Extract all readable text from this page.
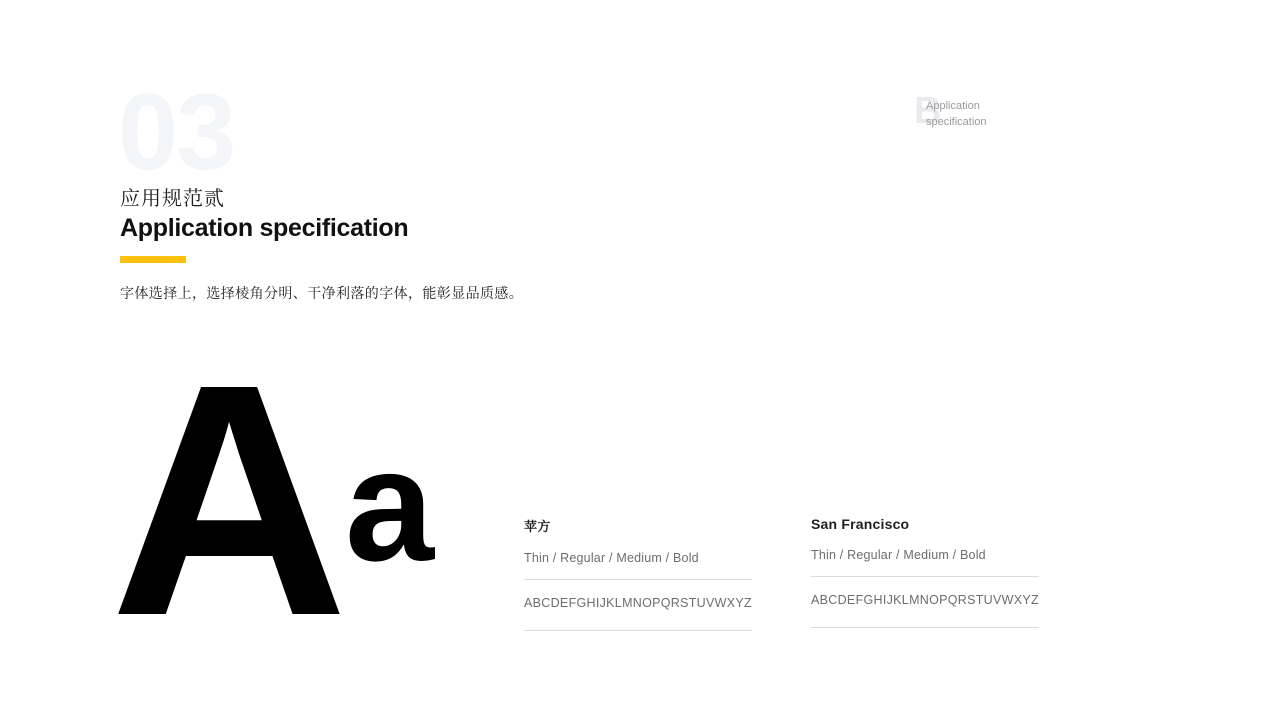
03
应用规范贰
Application specification
字体选择上，选择棱角分明、干净利落的字体，能彰显品质感。
B
Application
specification
A a	苹方
Thin / Regular / Medium / Bold
ABCDEFGHIJKLMNOPQRSTUVWXYZ
San Francisco
Thin / Regular / Medium / Bold
ABCDEFGHIJKLMNOPQRSTUVWXYZ
